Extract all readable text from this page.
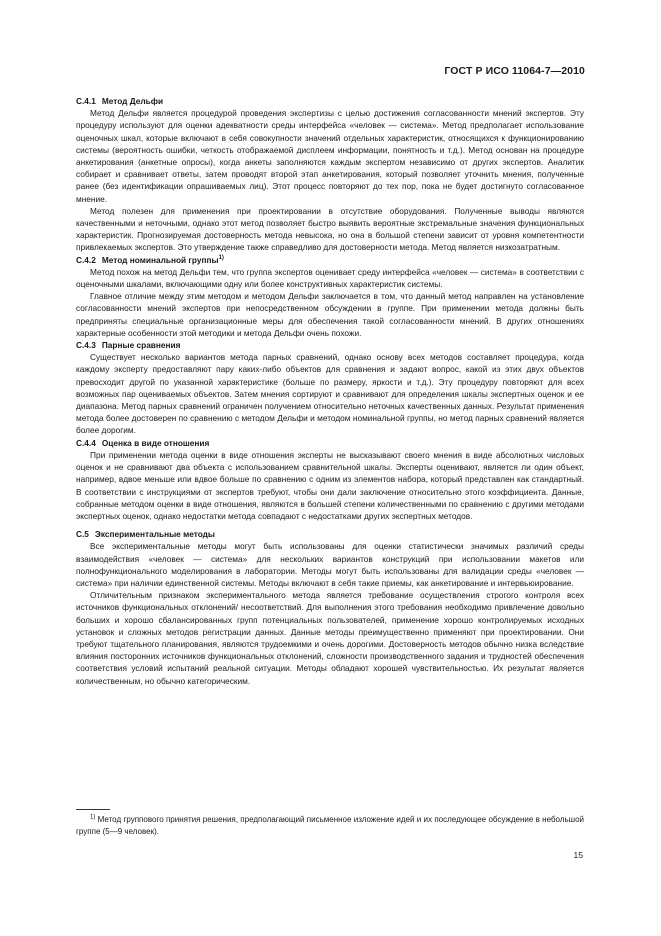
ГОСТ Р ИСО 11064-7—2010
С.4.1 Метод Дельфи

Метод Дельфи является процедурой проведения экспертизы с целью достижения согласованности мнений экспертов. Эту процедуру используют для оценки адекватности среды интерфейса «человек — система». Метод предполагает использование оценочных шкал, которые включают в себя совокупности значений отдельных характеристик, относящихся к функционированию системы (вероятность ошибки, четкость отображаемой дисплеем информации, понятность и т.д.). Метод основан на процедуре анкетирования (анкетные опросы), когда анкеты заполняются каждым экспертом независимо от других экспертов. Аналитик собирает и сравнивает ответы, затем проводят второй этап анкетирования, который позволяет уточнить мнения, полученные ранее (без идентификации опрашиваемых лиц). Этот процесс повторяют до тех пор, пока не будет достигнуто согласованное мнение.

Метод полезен для применения при проектировании в отсутствие оборудования. Полученные выводы являются качественными и неточными, однако этот метод позволяет быстро выявить вероятные экстремальные значения функциональных характеристик. Прогнозируемая достоверность метода невысока, но она в большой степени зависит от уровня компетентности привлекаемых экспертов. Это утверждение также справедливо для достоверности метода. Метод является низкозатратным.

С.4.2 Метод номинальной группы$^{1)}$

Метод похож на метод Дельфи тем, что группа экспертов оценивает среду интерфейса «человек — система» в соответствии с оценочными шкалами, включающими одну или более конструктивных характеристик системы.

Главное отличие между этим методом и методом Дельфи заключается в том, что данный метод направлен на установление согласованности мнений экспертов при непосредственном обсуждении в группе. При применении метода должны быть предприняты специальные организационные меры для обеспечения такой согласованности мнений. В других отношениях характерные особенности этой методики и метода Дельфи очень похожи.

С.4.3 Парные сравнения

Существует несколько вариантов метода парных сравнений, однако основу всех методов составляет процедура, когда каждому эксперту предоставляют пару каких-либо объектов для сравнения и задают вопрос, какой из этих двух объектов превосходит другой по указанной характеристике (больше по размеру, яркости и т.д.). Эту процедуру повторяют для всех возможных пар оцениваемых объектов. Затем мнения сортируют и сравнивают для определения шкалы экспертных оценок и ее диапазона. Метод парных сравнений ограничен получением относительно неточных качественных данных. Результат применения метода более достоверен по сравнению с методом Дельфи и методом номинальной группы, но метод парных сравнений является более дорогим.

С.4.4 Оценка в виде отношения

При применении метода оценки в виде отношения эксперты не высказывают своего мнения в виде абсолютных числовых оценок и не сравнивают два объекта с использованием сравнительной шкалы. Эксперты оценивают, является ли один объект, например, вдвое меньше или вдвое больше по сравнению с одним из элементов набора, который представлен как стандартный. В соответствии с инструкциями от экспертов требуют, чтобы они дали заключение относительно этого коэффициента. Данные, собранные методом оценки в виде отношения, являются в большей степени количественными по сравнению с другими методами экспертных оценок, однако недостатки метода совпадают с недостатками других экспертных методов.

С.5 Экспериментальные методы

Все экспериментальные методы могут быть использованы для оценки статистически значимых различий среды взаимодействия «человек — система» для нескольких вариантов конструкций при использовании макетов или полнофункционального моделирования в лаборатории. Методы могут быть использованы для валидации среды «человек — система» при наличии единственной системы. Методы включают в себя такие приемы, как анкетирование и интервьюирование.

Отличительным признаком экспериментального метода является требование осуществления строгого контроля всех источников функциональных отклонений/ несоответствий. Для выполнения этого требования необходимо привлечение довольно больших и хорошо сбалансированных групп потенциальных пользователей, применение хорошо контролируемых исходных установок и сложных методов регистрации данных. Данные методы преимущественно применяют при проектировании. Они требуют тщательного планирования, являются трудоемкими и очень дорогими. Достоверность методов обычно низка вследствие влияния посторонних источников функциональных отклонений, сложности производственного задания и трудностей обеспечения соответствия условий испытаний реальной ситуации. Методы обладают хорошей чувствительностью. Их результат является количественным, но обычно категорическим.

$^{1)}$ Метод группового принятия решения, предполагающий письменное изложение идей и их последующее обсуждение в небольшой группе (5—9 человек).

15
